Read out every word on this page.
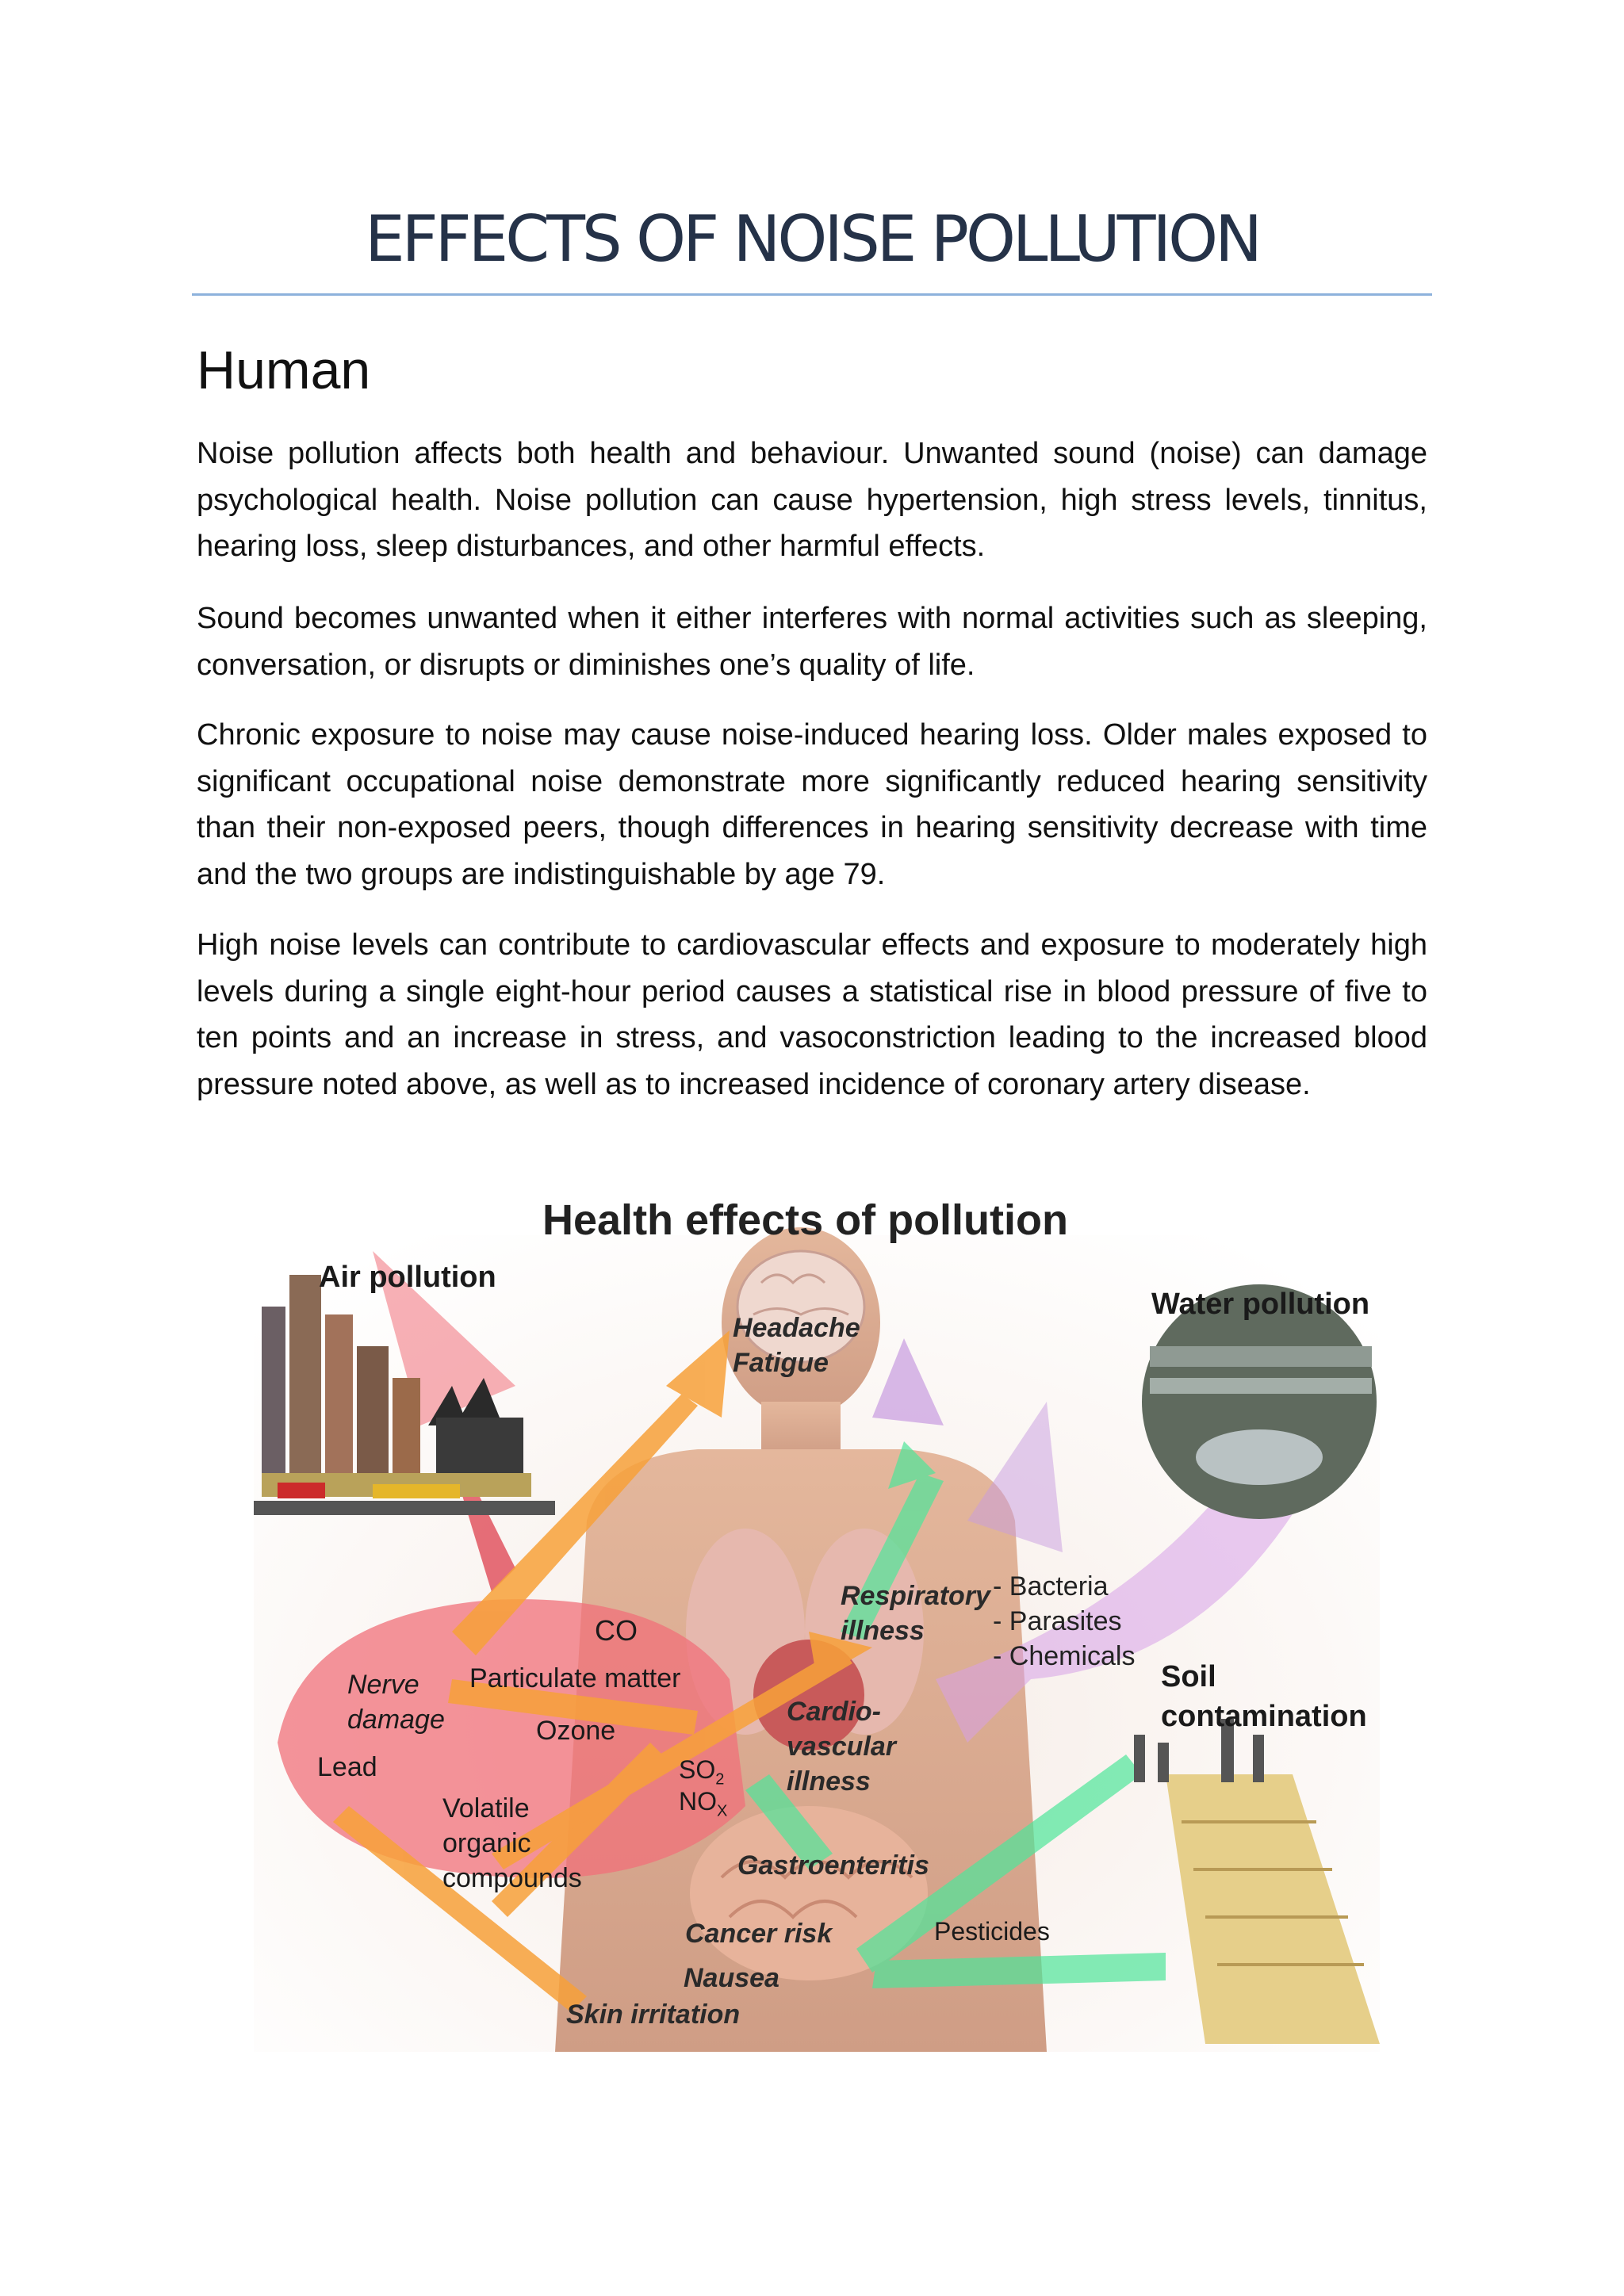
EFFECTS OF NOISE POLLUTION
Human

Noise pollution affects both health and behaviour. Unwanted sound (noise) can damage psychological health. Noise pollution can cause hypertension, high stress levels, tinnitus, hearing loss, sleep disturbances, and other harmful effects.

Sound becomes unwanted when it either interferes with normal activities such as sleeping, conversation, or disrupts or diminishes one’s quality of life.

Chronic exposure to noise may cause noise-induced hearing loss. Older males exposed to significant occupational noise demonstrate more significantly reduced hearing sensitivity than their non-exposed peers, though differences in hearing sensitivity decrease with time and the two groups are indistinguishable by age 79.

High noise levels can contribute to cardiovascular effects and exposure to moderately high levels during a single eight-hour period causes a statistical rise in blood pressure of five to ten points and an increase in stress, and vasoconstriction leading to the increased blood pressure noted above, as well as to increased incidence of coronary artery disease.

Health effects of pollution
Air pollution
Water pollution
Soil
contamination
- Bacteria
- Parasites
- Chemicals
Headache
Fatigue
Respiratory
illness
CO
Particulate matter
Ozone
Lead
Nerve
damage
Volatile
organic
compounds
$SO_2$
$NO_X$
Cardio-
vascular
illness
Gastroenteritis
Pesticides
Cancer risk
Nausea
Skin irritation
